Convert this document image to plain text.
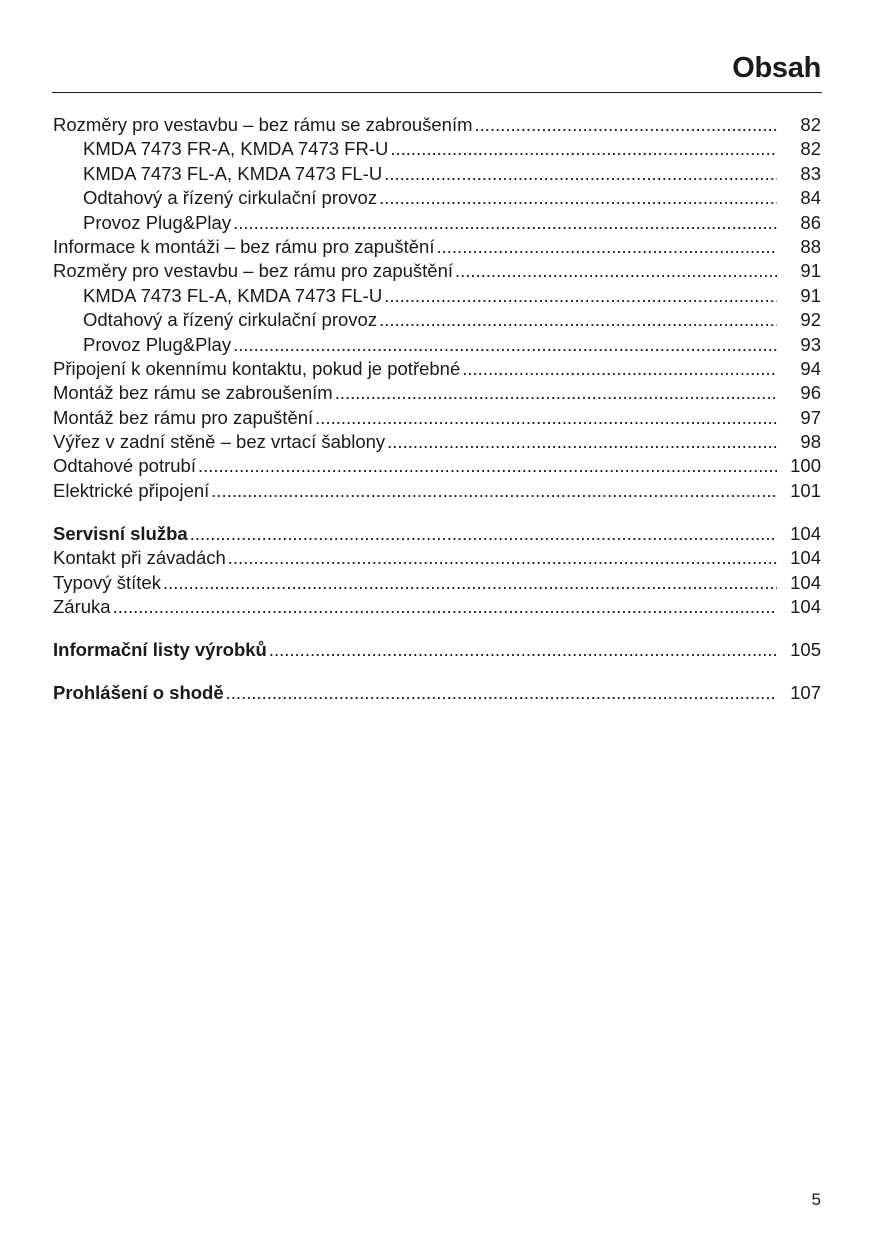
Obsah
Rozměry pro vestavbu – bez rámu se zabroušením .....	82
KMDA 7473 FR-A, KMDA 7473 FR-U .....	82
KMDA 7473 FL-A, KMDA 7473 FL-U .....	83
Odtahový a řízený cirkulační provoz .....	84
Provoz Plug&Play .....	86
Informace k montáži – bez rámu pro zapuštění .....	88
Rozměry pro vestavbu – bez rámu pro zapuštění .....	91
KMDA 7473 FL-A, KMDA 7473 FL-U .....	91
Odtahový a řízený cirkulační provoz .....	92
Provoz Plug&Play .....	93
Připojení k okennímu kontaktu, pokud je potřebné .....	94
Montáž bez rámu se zabroušením .....	96
Montáž bez rámu pro zapuštění .....	97
Výřez v zadní stěně – bez vrtací šablony .....	98
Odtahové potrubí .....	100
Elektrické připojení .....	101
Servisní služba .....	104
Kontakt při závadách .....	104
Typový štítek .....	104
Záruka .....	104
Informační listy výrobků .....	105
Prohlášení o shodě .....	107
5
